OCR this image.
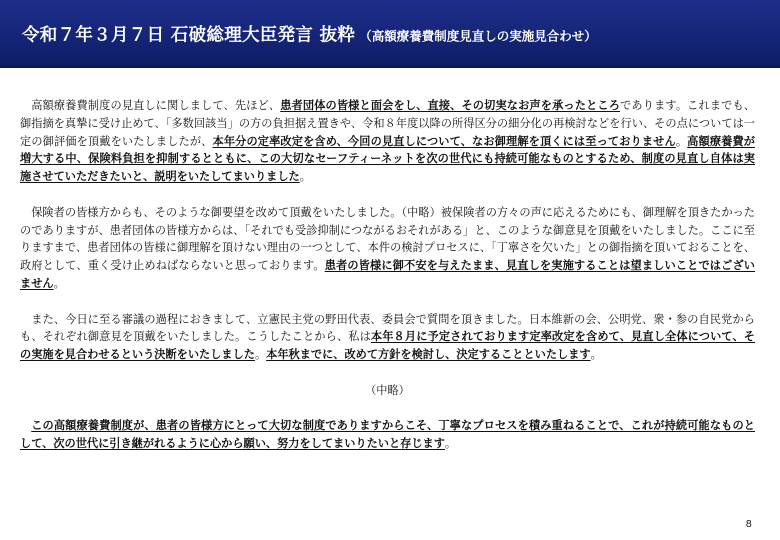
令和７年３月７日 石破総理大臣発言 抜粋 （高額療養費制度見直しの実施見合わせ）

高額療養費制度の見直しに関しまして、先ほど、患者団体の皆様と面会をし、直接、その切実なお声を承ったところであります。これまでも、御指摘を真摯に受け止めて、「多数回該当」の方の負担据え置きや、令和８年度以降の所得区分の細分化の再検討などを行い、その点については一定の御評価を頂戴をいたしましたが、本年分の定率改定を含め、今回の見直しについて、なお御理解を頂くには至っておりません。高額療養費が増大する中、保険料負担を抑制するとともに、この大切なセーフティーネットを次の世代にも持続可能なものとするため、制度の見直し自体は実施させていただきたいと、説明をいたしてまいりました。

保険者の皆様方からも、そのような御要望を改めて頂戴をいたしました。（中略）被保険者の方々の声に応えるためにも、御理解を頂きたかったのでありますが、患者団体の皆様方からは、「それでも受診抑制につながるおそれがある」と、このような御意見を頂戴をいたしました。ここに至りますまで、患者団体の皆様に御理解を頂けない理由の一つとして、本件の検討プロセスに、「丁寧さを欠いた」との御指摘を頂いておることを、政府として、重く受け止めねばならないと思っております。患者の皆様に御不安を与えたまま、見直しを実施することは望ましいことではございません。

また、今日に至る審議の過程におきまして、立憲民主党の野田代表、委員会で質問を頂きました。日本維新の会、公明党、衆・参の自民党からも、それぞれ御意見を頂戴をいたしました。こうしたことから、私は本年８月に予定されております定率改定を含めて、見直し全体について、その実施を見合わせるという決断をいたしました。本年秋までに、改めて方針を検討し、決定することといたします。

（中略）

この高額療養費制度が、患者の皆様方にとって大切な制度でありますからこそ、丁寧なプロセスを積み重ねることで、これが持続可能なものとして、次の世代に引き継がれるように心から願い、努力をしてまいりたいと存じます。

8
